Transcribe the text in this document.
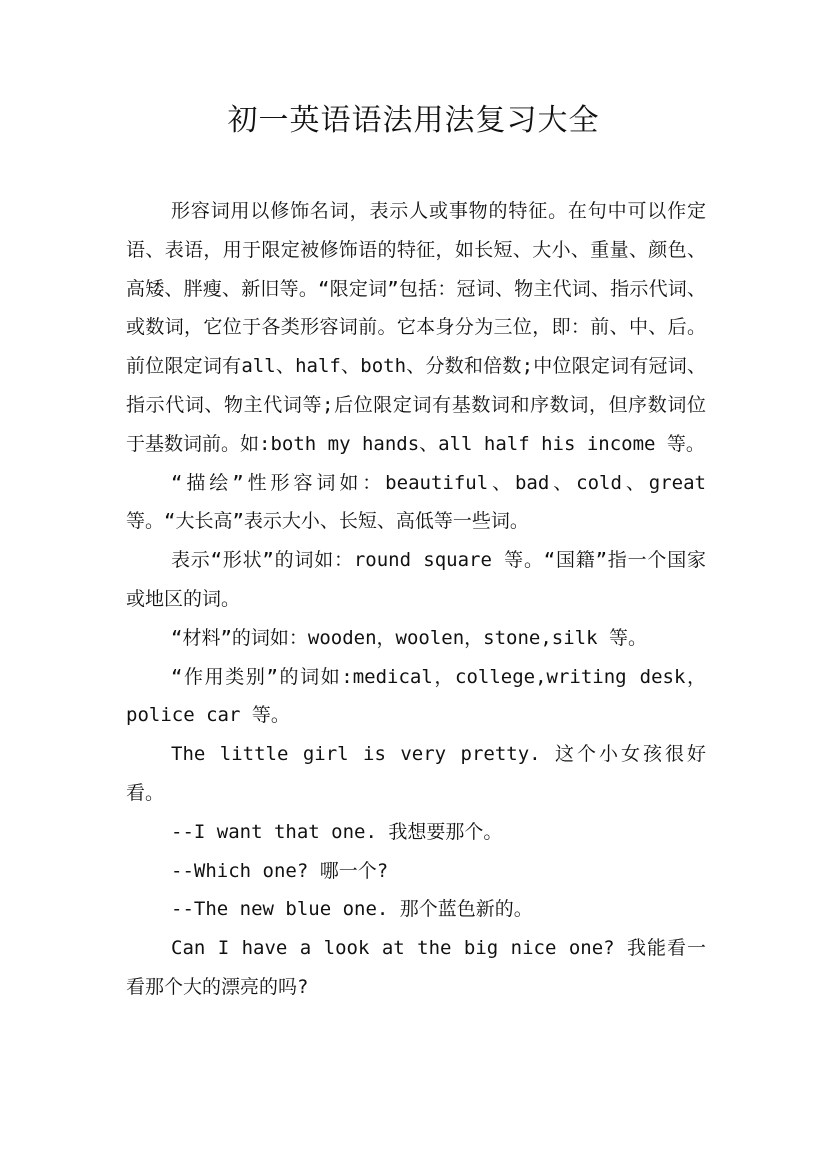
初一英语语法用法复习大全

形容词用以修饰名词，表示人或事物的特征。在句中可以作定语、表语，用于限定被修饰语的特征，如长短、大小、重量、颜色、高矮、胖瘦、新旧等。“限定词”包括：冠词、物主代词、指示代词、或数词，它位于各类形容词前。它本身分为三位，即：前、中、后。前位限定词有all、half、both、分数和倍数;中位限定词有冠词、指示代词、物主代词等;后位限定词有基数词和序数词，但序数词位于基数词前。如:both my hands、all half his income 等。

“描绘”性形容词如：beautiful、bad、cold、great等。“大长高”表示大小、长短、高低等一些词。

表示“形状”的词如：round square 等。“国籍”指一个国家或地区的词。

“材料”的词如：wooden，woolen，stone,silk 等。

“作用类别”的词如:medical，college,writing desk，police car 等。

The little girl is very pretty. 这个小女孩很好看。

--I want that one. 我想要那个。

--Which one? 哪一个?

--The new blue one. 那个蓝色新的。

Can I have a look at the big nice one? 我能看一看那个大的漂亮的吗?
